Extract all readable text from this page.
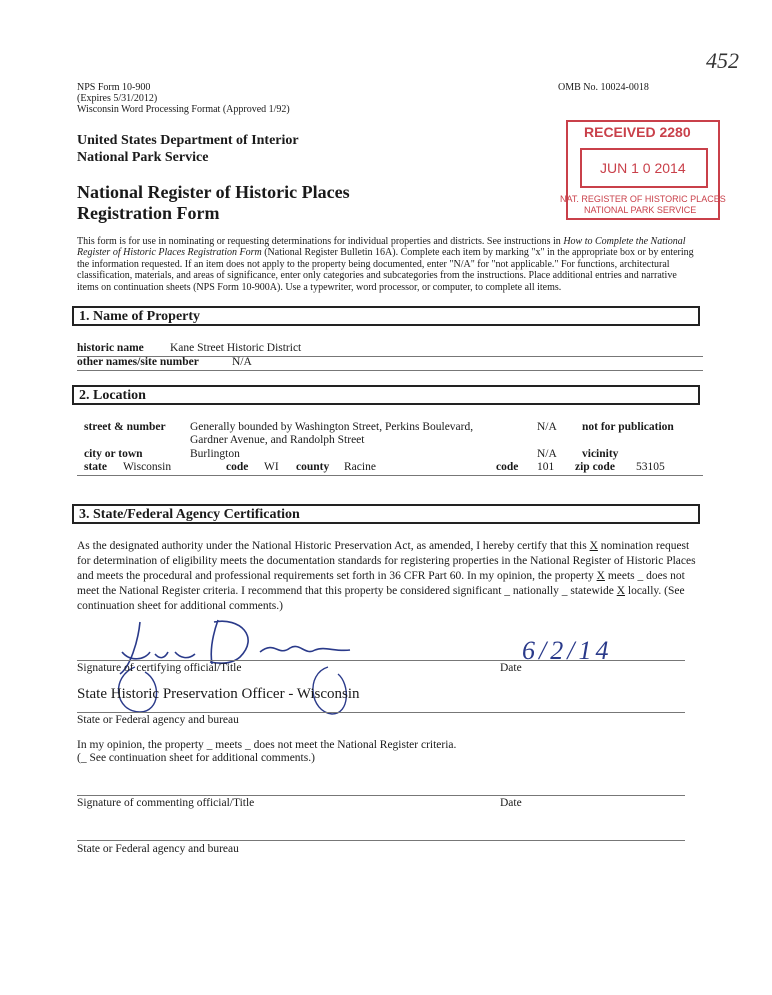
452
NPS Form 10-900
(Expires 5/31/2012)
Wisconsin Word Processing Format (Approved 1/92)
OMB No. 10024-0018
United States Department of Interior
National Park Service
National Register of Historic Places
Registration Form
RECEIVED 2280
JUN 1 0 2014
NAT. REGISTER OF HISTORIC PLACES
NATIONAL PARK SERVICE
This form is for use in nominating or requesting determinations for individual properties and districts. See instructions in How to Complete the National Register of Historic Places Registration Form (National Register Bulletin 16A). Complete each item by marking "x" in the appropriate box or by entering the information requested. If an item does not apply to the property being documented, enter "N/A" for "not applicable." For functions, architectural classification, materials, and areas of significance, enter only categories and subcategories from the instructions. Place additional entries and narrative items on continuation sheets (NPS Form 10-900A). Use a typewriter, word processor, or computer, to complete all items.
1. Name of Property
historic name Kane Street Historic District
other names/site number	N/A
2. Location
street & number Generally bounded by Washington Street, Perkins Boulevard,
Gardner Avenue, and Randolph Street
N/A not for publication
city or town	Burlington	N/A vicinity
state Wisconsin	code WI county Racine	code 101 zip code 53105
3. State/Federal Agency Certification
As the designated authority under the National Historic Preservation Act, as amended, I hereby certify that this X nomination request for determination of eligibility meets the documentation standards for registering properties in the National Register of Historic Places and meets the procedural and professional requirements set forth in 36 CFR Part 60. In my opinion, the property X meets _ does not meet the National Register criteria. I recommend that this property be considered significant _ nationally _ statewide X locally. (See continuation sheet for additional comments.)
Signature of certifying official/Title	Date
6/2/14
State Historic Preservation Officer - Wisconsin
State or Federal agency and bureau
In my opinion, the property _ meets _ does not meet the National Register criteria.
(_ See continuation sheet for additional comments.)
Signature of commenting official/Title	Date
State or Federal agency and bureau
